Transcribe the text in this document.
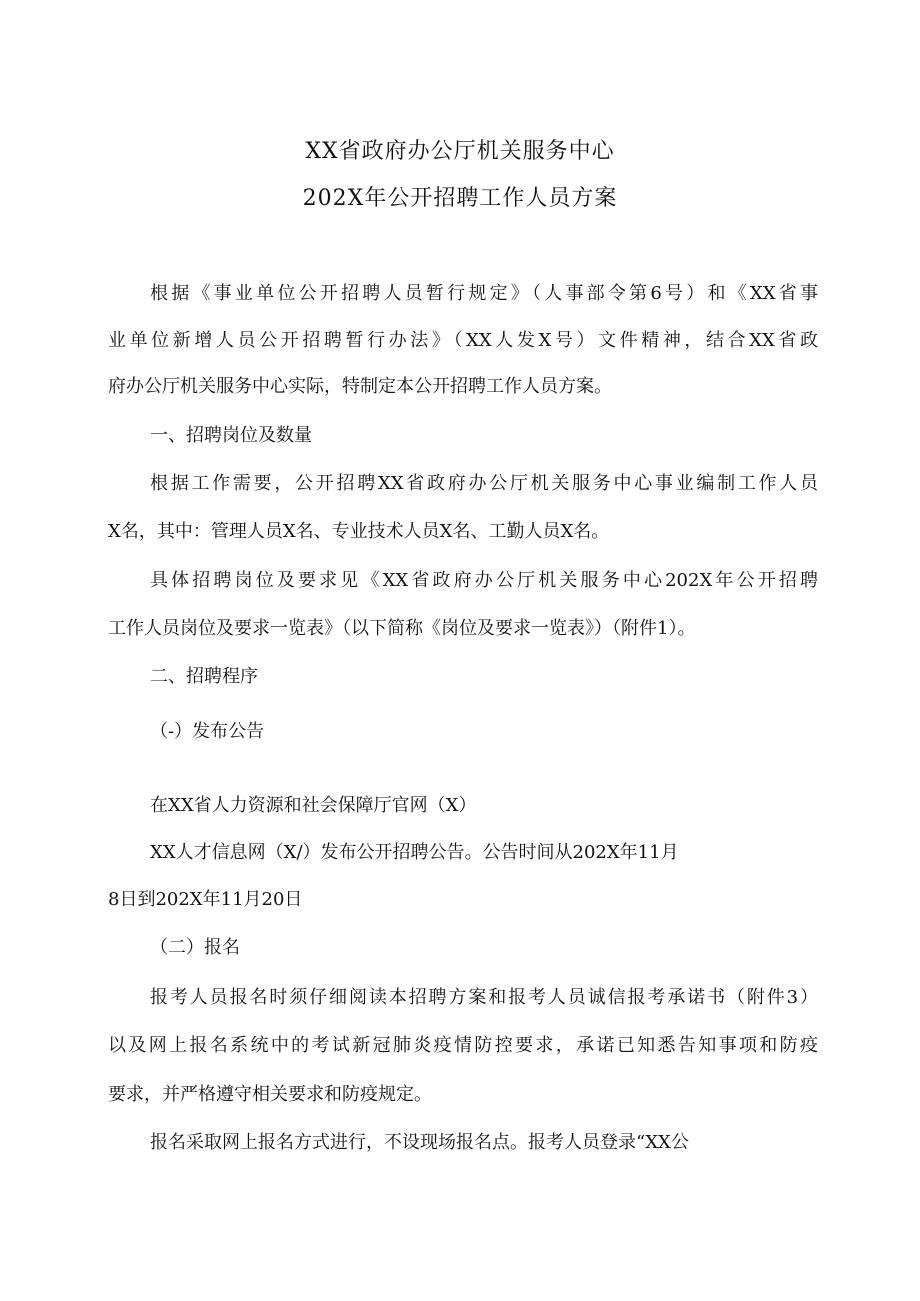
XX省政府办公厅机关服务中心
202X年公开招聘工作人员方案
根据《事业单位公开招聘人员暂行规定》（人事部令第6号）和《XX省事
业单位新增人员公开招聘暂行办法》（XX人发X号）文件精神，结合XX省政
府办公厅机关服务中心实际，特制定本公开招聘工作人员方案。
一、招聘岗位及数量
根据工作需要，公开招聘XX省政府办公厅机关服务中心事业编制工作人员
X名，其中：管理人员X名、专业技术人员X名、工勤人员X名。
具体招聘岗位及要求见《XX省政府办公厅机关服务中心202X年公开招聘
工作人员岗位及要求一览表》（以下简称《岗位及要求一览表》）（附件1）。
二、招聘程序
（-）发布公告
在XX省人力资源和社会保障厅官网（X）
XX人才信息网（X/）发布公开招聘公告。公告时间从202X年11月
8日到202X年11月20日
（二）报名
报考人员报名时须仔细阅读本招聘方案和报考人员诚信报考承诺书（附件3）
以及网上报名系统中的考试新冠肺炎疫情防控要求，承诺已知悉告知事项和防疫
要求，并严格遵守相关要求和防疫规定。
报名采取网上报名方式进行，不设现场报名点。报考人员登录“XX公
